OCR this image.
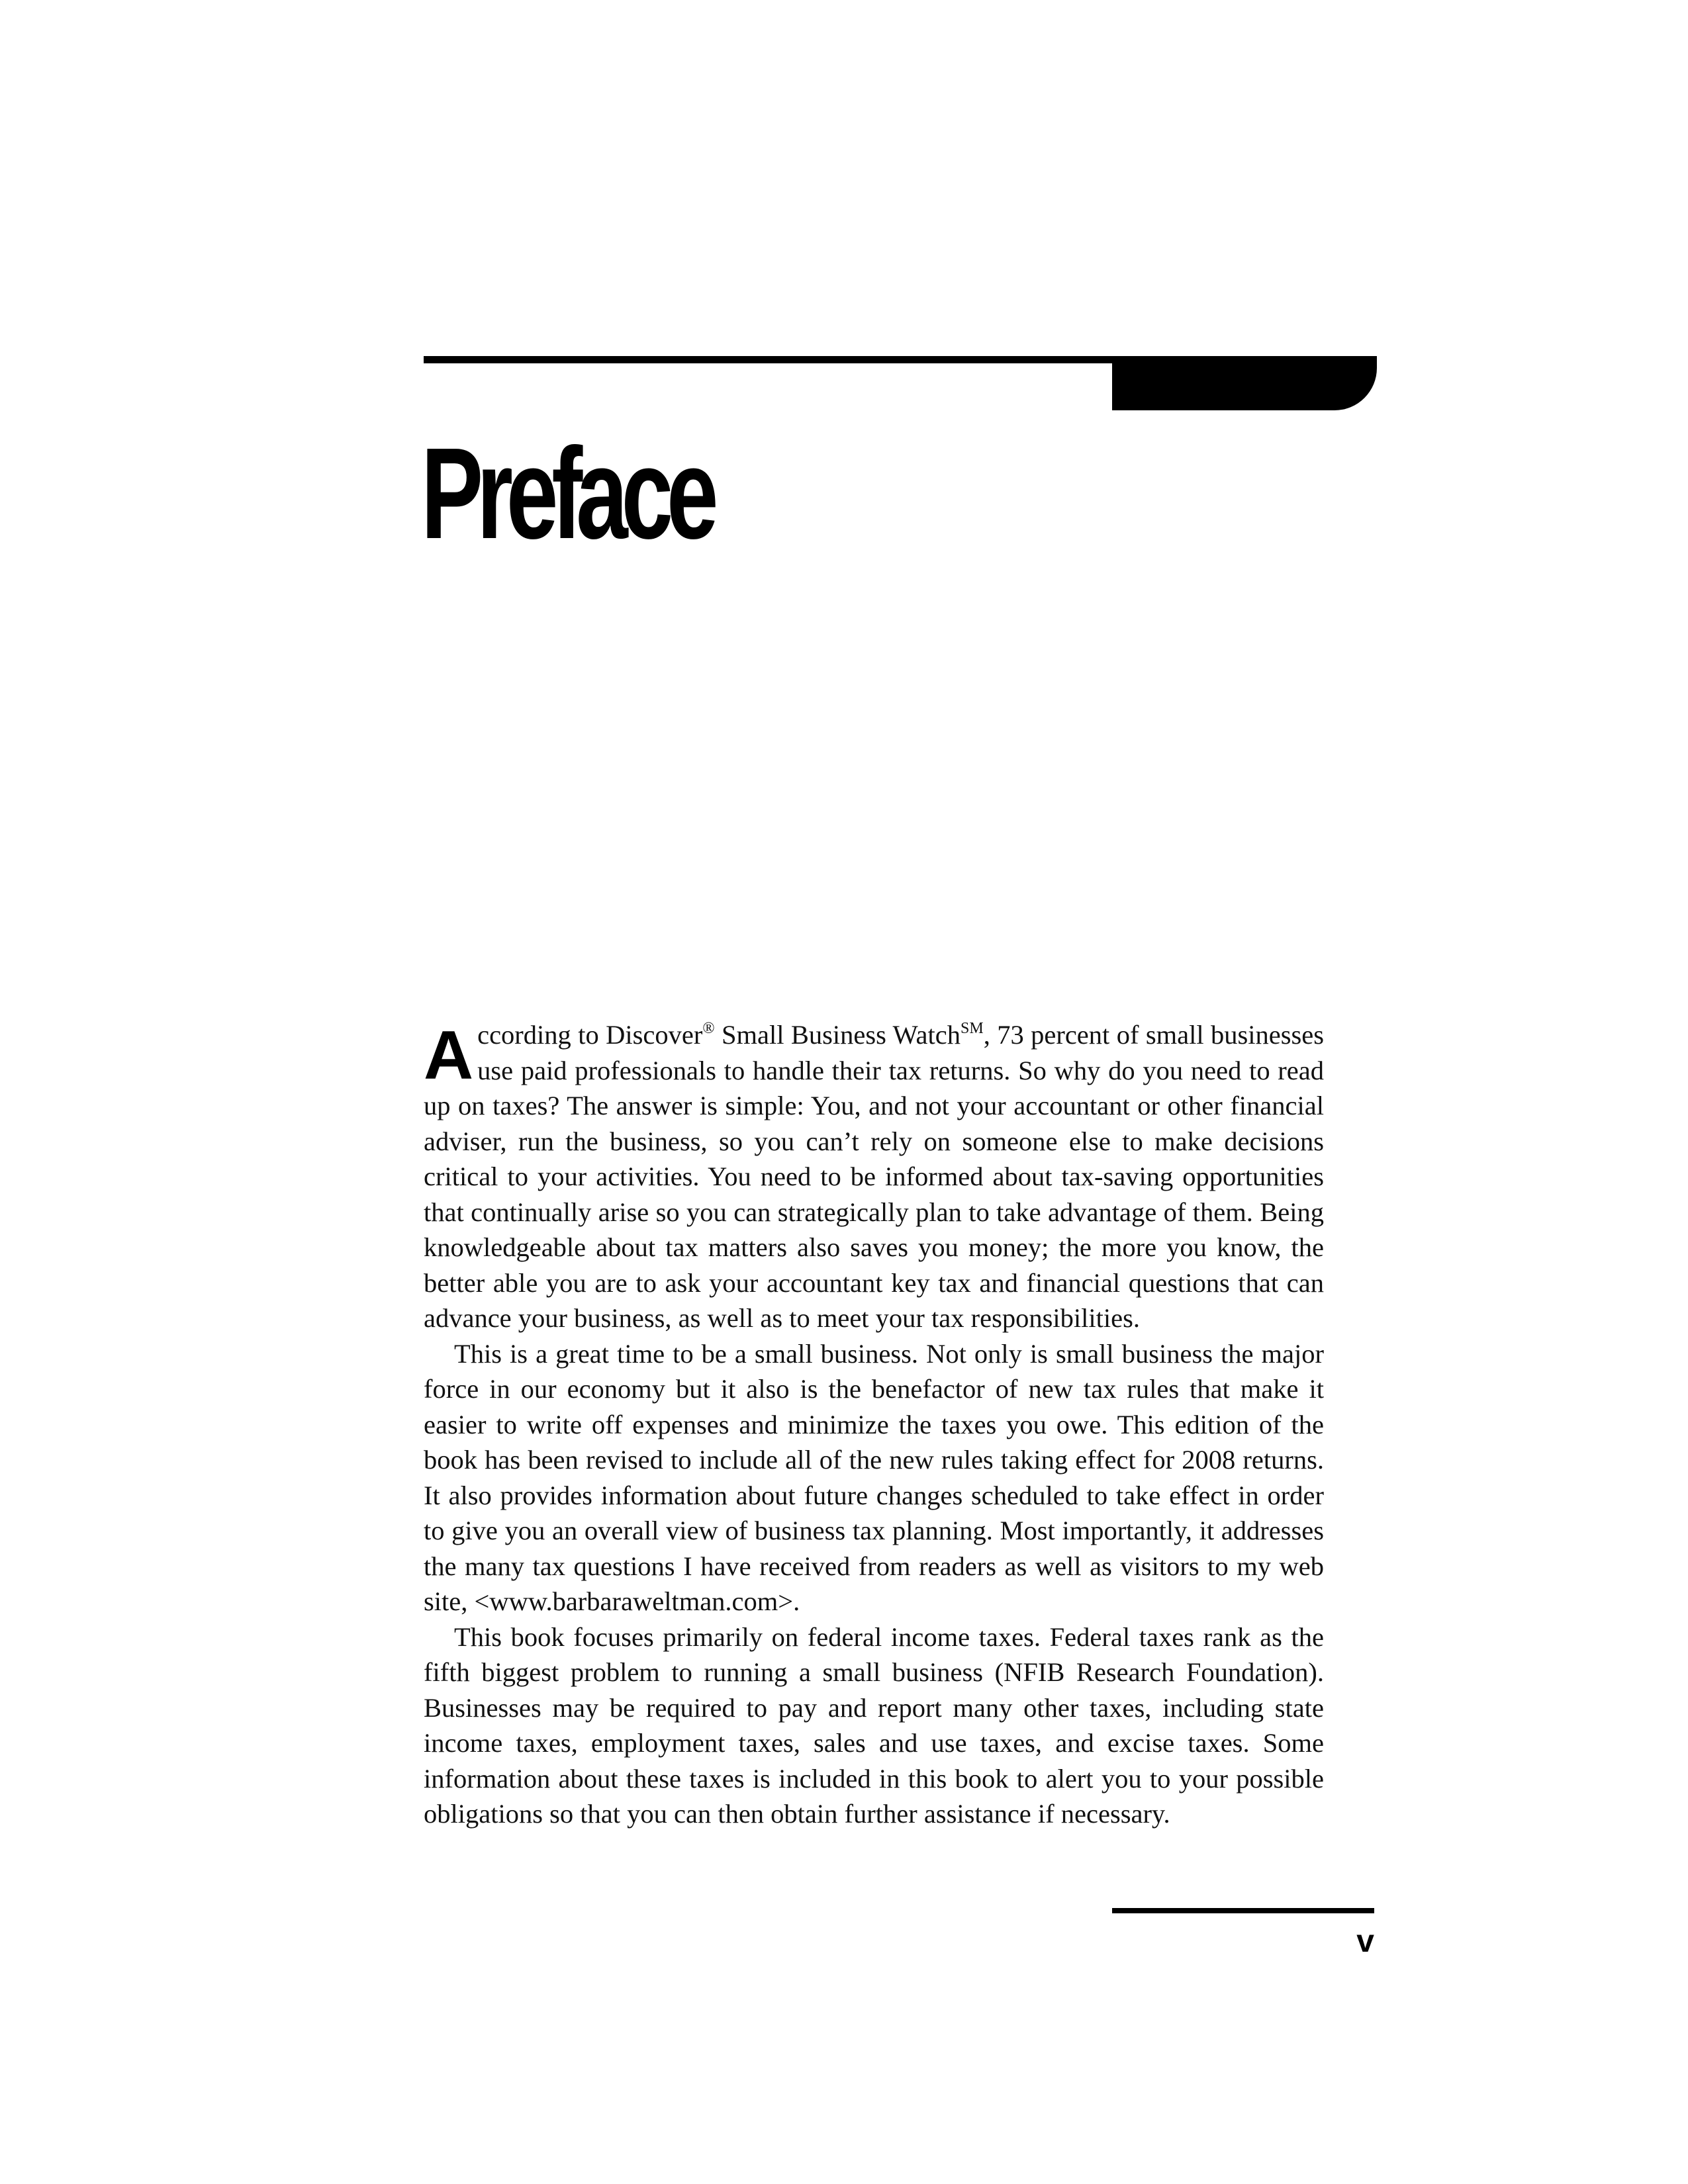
Preface

According to Discover® Small Business Watch℠, 73 percent of small businesses use paid professionals to handle their tax returns. So why do you need to read up on taxes? The answer is simple: You, and not your accountant or other financial adviser, run the business, so you can’t rely on someone else to make decisions critical to your activities. You need to be informed about tax-saving opportunities that continually arise so you can strategically plan to take advantage of them. Being knowledgeable about tax matters also saves you money; the more you know, the better able you are to ask your accountant key tax and financial questions that can advance your business, as well as to meet your tax responsibilities.

This is a great time to be a small business. Not only is small business the major force in our economy but it also is the benefactor of new tax rules that make it easier to write off expenses and minimize the taxes you owe. This edition of the book has been revised to include all of the new rules taking effect for 2008 returns. It also provides information about future changes scheduled to take effect in order to give you an overall view of business tax planning. Most importantly, it addresses the many tax questions I have received from readers as well as visitors to my web site, <www.barbaraweltman.com>.

This book focuses primarily on federal income taxes. Federal taxes rank as the fifth biggest problem to running a small business (NFIB Research Foundation). Businesses may be required to pay and report many other taxes, including state income taxes, employment taxes, sales and use taxes, and excise taxes. Some information about these taxes is included in this book to alert you to your possible obligations so that you can then obtain further assistance if necessary.

v
